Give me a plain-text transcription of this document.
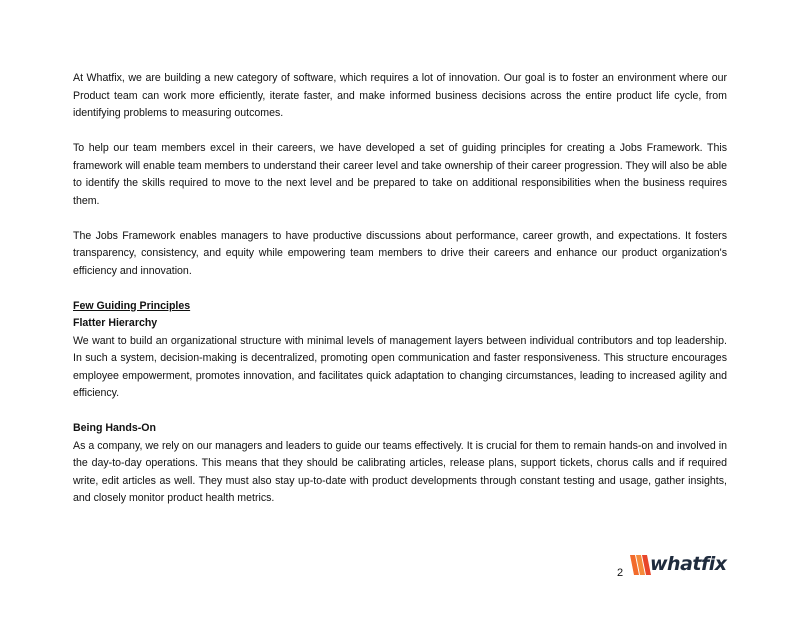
At Whatfix, we are building a new category of software, which requires a lot of innovation. Our goal is to foster an environment where our Product team can work more efficiently, iterate faster, and make informed business decisions across the entire product life cycle, from identifying problems to measuring outcomes.

To help our team members excel in their careers, we have developed a set of guiding principles for creating a Jobs Framework. This framework will enable team members to understand their career level and take ownership of their career progression. They will also be able to identify the skills required to move to the next level and be prepared to take on additional responsibilities when the business requires them.

The Jobs Framework enables managers to have productive discussions about performance, career growth, and expectations. It fosters transparency, consistency, and equity while empowering team members to drive their careers and enhance our product organization's efficiency and innovation.

Few Guiding Principles

Flatter Hierarchy

We want to build an organizational structure with minimal levels of management layers between individual contributors and top leadership. In such a system, decision-making is decentralized, promoting open communication and faster responsiveness. This structure encourages employee empowerment, promotes innovation, and facilitates quick adaptation to changing circumstances, leading to increased agility and efficiency.

Being Hands-On

As a company, we rely on our managers and leaders to guide our teams effectively. It is crucial for them to remain hands-on and involved in the day-to-day operations. This means that they should be calibrating articles, release plans, support tickets, chorus calls and if required write, edit articles as well. They must also stay up-to-date with product developments through constant testing and usage, gather insights, and closely monitor product health metrics.

2 whatfix
